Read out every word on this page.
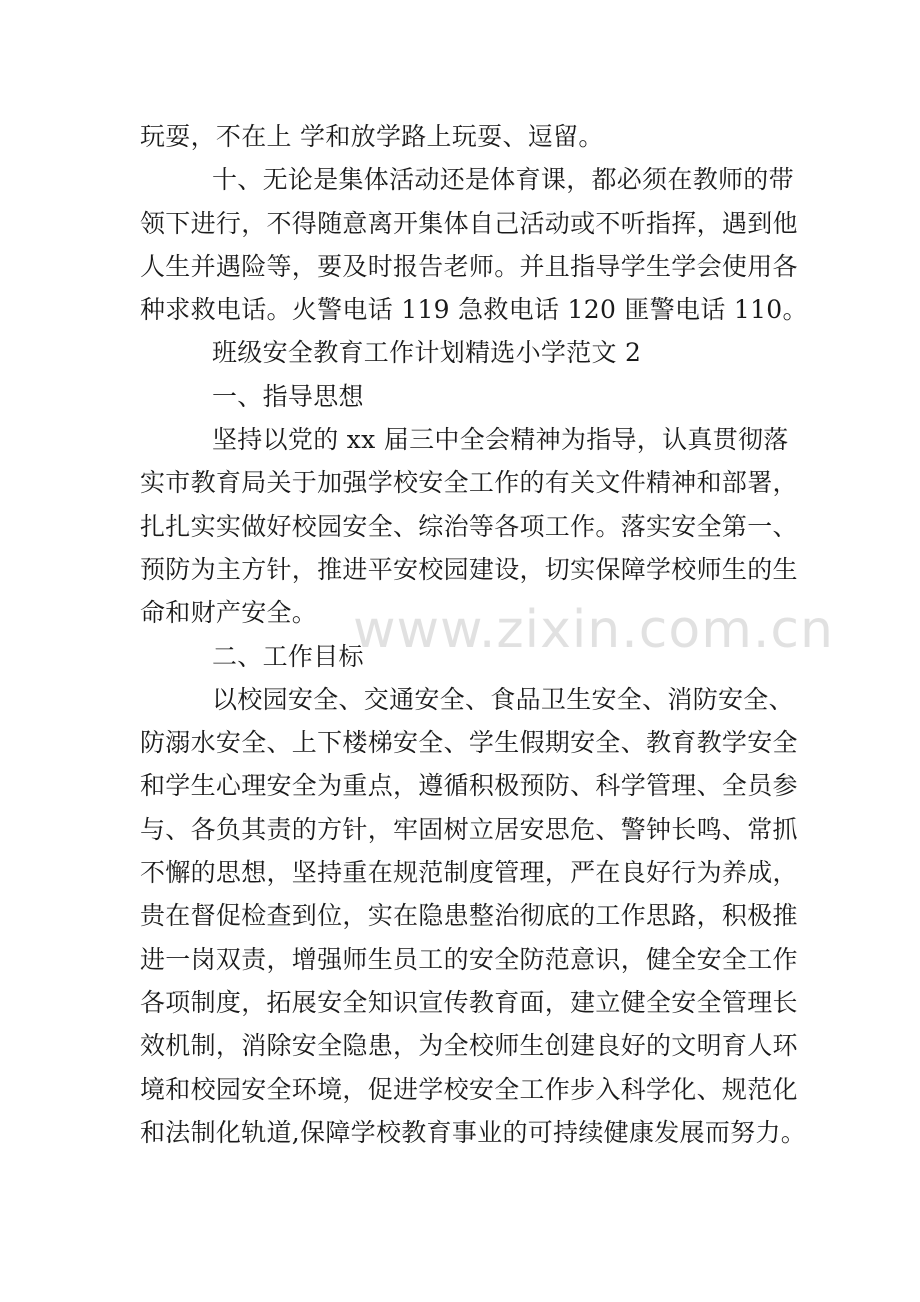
玩耍，不在上 学和放学路上玩耍、逗留。
十、无论是集体活动还是体育课，都必须在教师的带
领下进行，不得随意离开集体自己活动或不听指挥，遇到他
人生并遇险等，要及时报告老师。并且指导学生学会使用各
种求救电话。火警电话 119 急救电话 120 匪警电话 110。
班级安全教育工作计划精选小学范文 2
一、指导思想
坚持以党的 xx 届三中全会精神为指导，认真贯彻落
实市教育局关于加强学校安全工作的有关文件精神和部署，
扎扎实实做好校园安全、综治等各项工作。落实安全第一、
预防为主方针，推进平安校园建设，切实保障学校师生的生
命和财产安全。
二、工作目标
以校园安全、交通安全、食品卫生安全、消防安全、
防溺水安全、上下楼梯安全、学生假期安全、教育教学安全
和学生心理安全为重点，遵循积极预防、科学管理、全员参
与、各负其责的方针，牢固树立居安思危、警钟长鸣、常抓
不懈的思想，坚持重在规范制度管理，严在良好行为养成，
贵在督促检查到位，实在隐患整治彻底的工作思路，积极推
进一岗双责，增强师生员工的安全防范意识，健全安全工作
各项制度，拓展安全知识宣传教育面，建立健全安全管理长
效机制，消除安全隐患，为全校师生创建良好的文明育人环
境和校园安全环境，促进学校安全工作步入科学化、规范化
和法制化轨道,保障学校教育事业的可持续健康发展而努力。
www.zixin.com.cn
